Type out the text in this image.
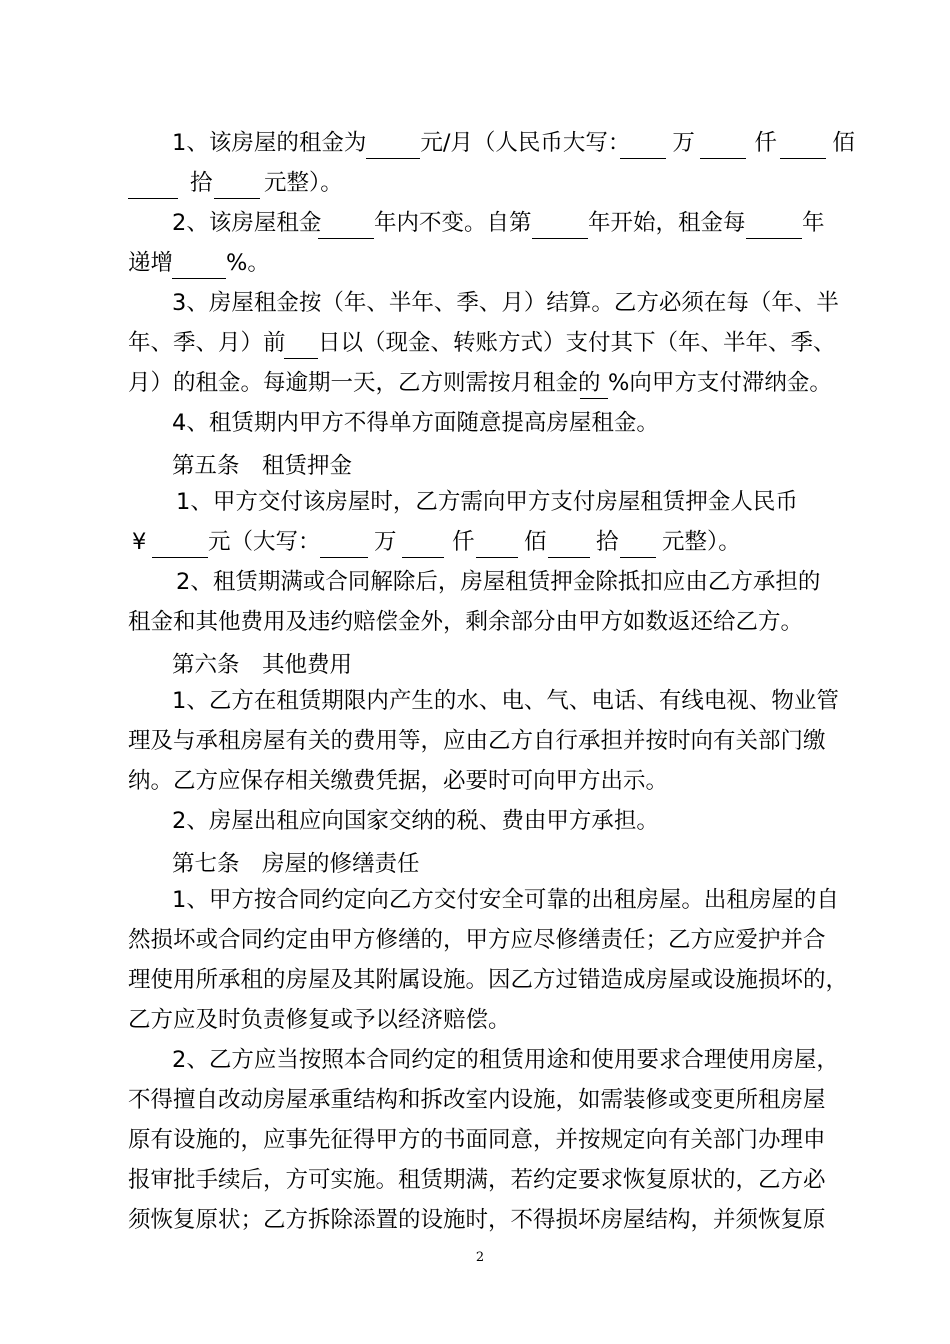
1、该房屋的租金为 元/月（人民币大写： 万	仟 佰
拾 元整）。
2、该房屋租金 年内不变。自第	年开始，租金每	年
递增 %。
3、房屋租金按（年、半年、季、月）结算。乙方必须在每（年、半
年、季、月）前 日以（现金、转账方式）支付其下（年、半年、季、
月）的租金。每逾期一天，乙方则需按月租金的 %向甲方支付滞纳金。
4、租赁期内甲方不得单方面随意提高房屋租金。
第五条　租赁押金
1、甲方交付该房屋时，乙方需向甲方支付房屋租赁押金人民币
¥	元（大写： 万 仟 佰 拾 元整）。
2、租赁期满或合同解除后，房屋租赁押金除抵扣应由乙方承担的
租金和其他费用及违约赔偿金外，剩余部分由甲方如数返还给乙方。
第六条　其他费用
1、乙方在租赁期限内产生的水、电、气、电话、有线电视、物业管
理及与承租房屋有关的费用等，应由乙方自行承担并按时向有关部门缴
纳。乙方应保存相关缴费凭据，必要时可向甲方出示。
2、房屋出租应向国家交纳的税、费由甲方承担。
第七条　房屋的修缮责任
1、甲方按合同约定向乙方交付安全可靠的出租房屋。出租房屋的自
然损坏或合同约定由甲方修缮的，甲方应尽修缮责任；乙方应爱护并合
理使用所承租的房屋及其附属设施。因乙方过错造成房屋或设施损坏的，
乙方应及时负责修复或予以经济赔偿。
2、乙方应当按照本合同约定的租赁用途和使用要求合理使用房屋，
不得擅自改动房屋承重结构和拆改室内设施，如需装修或变更所租房屋
原有设施的，应事先征得甲方的书面同意，并按规定向有关部门办理申
报审批手续后，方可实施。租赁期满，若约定要求恢复原状的，乙方必
须恢复原状；乙方拆除添置的设施时，不得损坏房屋结构，并须恢复原
2
